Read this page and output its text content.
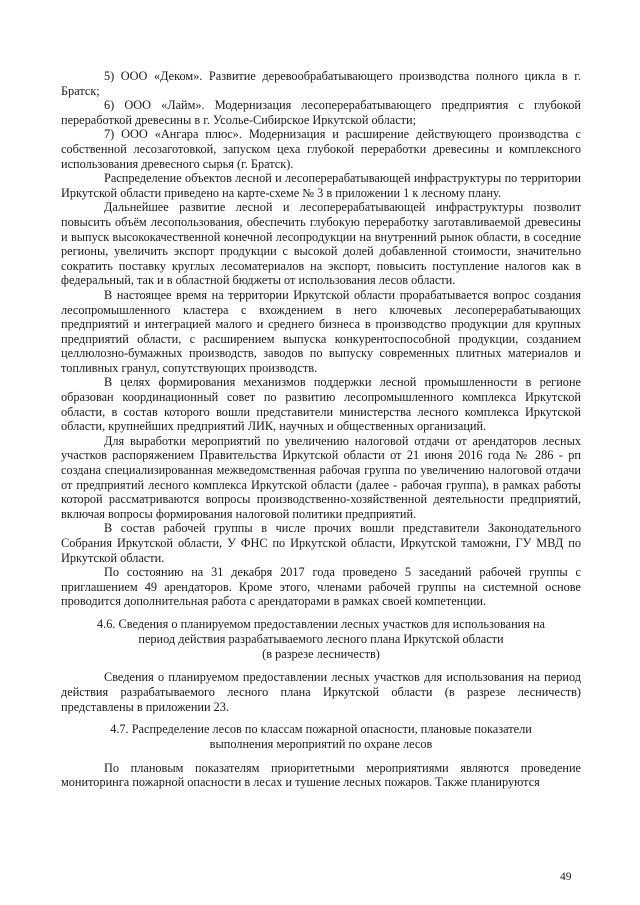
5) ООО «Деком». Развитие деревообрабатывающего производства полного цикла в г. Братск;

6) ООО «Лайм». Модернизация лесоперерабатывающего предприятия с глубокой переработкой древесины в г. Усолье-Сибирское Иркутской области;

7) ООО «Ангара плюс». Модернизация и расширение действующего производства с собственной лесозаготовкой, запуском цеха глубокой переработки древесины и комплексного использования древесного сырья (г. Братск).

Распределение объектов лесной и лесоперерабатывающей инфраструктуры по территории Иркутской области приведено на карте-схеме № 3 в приложении 1 к лесному плану.

Дальнейшее развитие лесной и лесоперерабатывающей инфраструктуры позволит повысить объём лесопользования, обеспечить глубокую переработку заготавливаемой древесины и выпуск высококачественной конечной лесопродукции на внутренний рынок области, в соседние регионы, увеличить экспорт продукции с высокой долей добавленной стоимости, значительно сократить поставку круглых лесоматериалов на экспорт, повысить поступление налогов как в федеральный, так и в областной бюджеты от использования лесов области.

В настоящее время на территории Иркутской области прорабатывается вопрос создания лесопромышленного кластера с вхождением в него ключевых лесоперерабатывающих предприятий и интеграцией малого и среднего бизнеса в производство продукции для крупных предприятий области, с расширением выпуска конкурентоспособной продукции, созданием целлюлозно-бумажных производств, заводов по выпуску современных плитных материалов и топливных гранул, сопутствующих производств.

В целях формирования механизмов поддержки лесной промышленности в регионе образован координационный совет по развитию лесопромышленного комплекса Иркутской области, в состав которого вошли представители министерства лесного комплекса Иркутской области, крупнейших предприятий ЛИК, научных и общественных организаций.

Для выработки мероприятий по увеличению налоговой отдачи от арендаторов лесных участков распоряжением Правительства Иркутской области от 21 июня 2016 года № 286 - рп создана специализированная межведомственная рабочая группа по увеличению налоговой отдачи от предприятий лесного комплекса Иркутской области (далее - рабочая группа), в рамках работы которой рассматриваются вопросы производственно-хозяйственной деятельности предприятий, включая вопросы формирования налоговой политики предприятий.

В состав рабочей группы в числе прочих вошли представители Законодательного Собрания Иркутской области, У ФНС по Иркутской области, Иркутской таможни, ГУ МВД по Иркутской области.

По состоянию на 31 декабря 2017 года проведено 5 заседаний рабочей группы с приглашением 49 арендаторов. Кроме этого, членами рабочей группы на системной основе проводится дополнительная работа с арендаторами в рамках своей компетенции.

4.6. Сведения о планируемом предоставлении лесных участков для использования на
период действия разрабатываемого лесного плана Иркутской области
(в разрезе лесничеств)

Сведения о планируемом предоставлении лесных участков для использования на период действия разрабатываемого лесного плана Иркутской области (в разрезе лесничеств) представлены в приложении 23.

4.7. Распределение лесов по классам пожарной опасности, плановые показатели
выполнения мероприятий по охране лесов

По плановым показателям приоритетными мероприятиями являются проведение мониторинга пожарной опасности в лесах и тушение лесных пожаров. Также планируются

49
